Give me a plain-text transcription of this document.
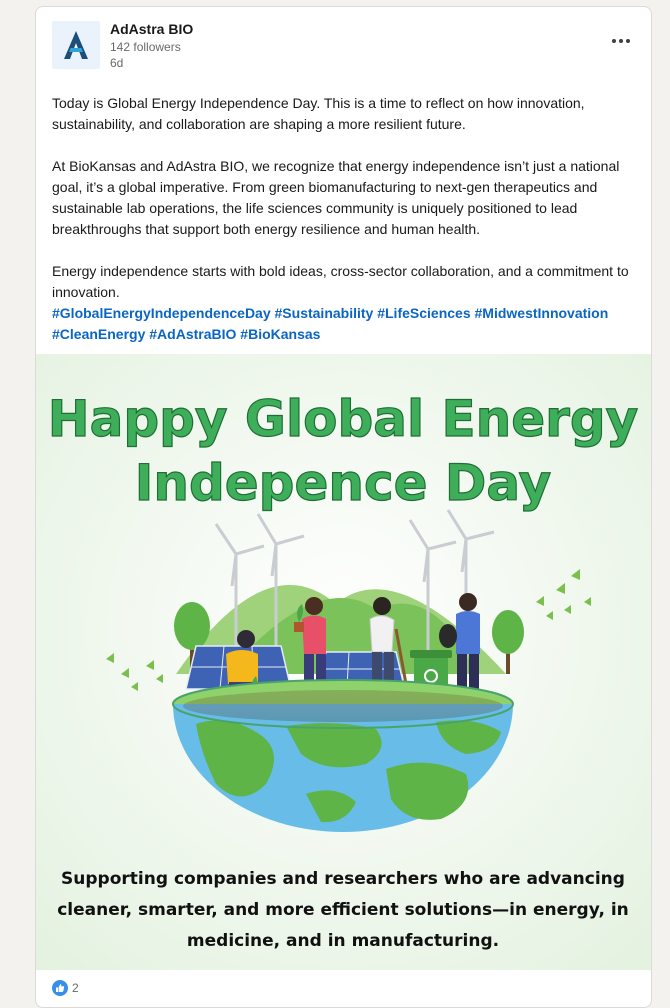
AdAstra BIO
142 followers
6d

Today is Global Energy Independence Day. This is a time to reflect on how innovation, sustainability, and collaboration are shaping a more resilient future.

At BioKansas and AdAstra BIO, we recognize that energy independence isn’t just a national goal, it’s a global imperative. From green biomanufacturing to next-gen therapeutics and sustainable lab operations, the life sciences community is uniquely positioned to lead breakthroughs that support both energy resilience and human health.

Energy independence starts with bold ideas, cross-sector collaboration, and a commitment to innovation.

#GlobalEnergyIndependenceDay #Sustainability #LifeSciences #MidwestInnovation #CleanEnergy #AdAstraBIO #BioKansas

Happy Global Energy
Indepence Day
Supporting companies and researchers who are advancing
cleaner, smarter, and more efficient solutions—in energy, in
medicine, and in manufacturing.
2
